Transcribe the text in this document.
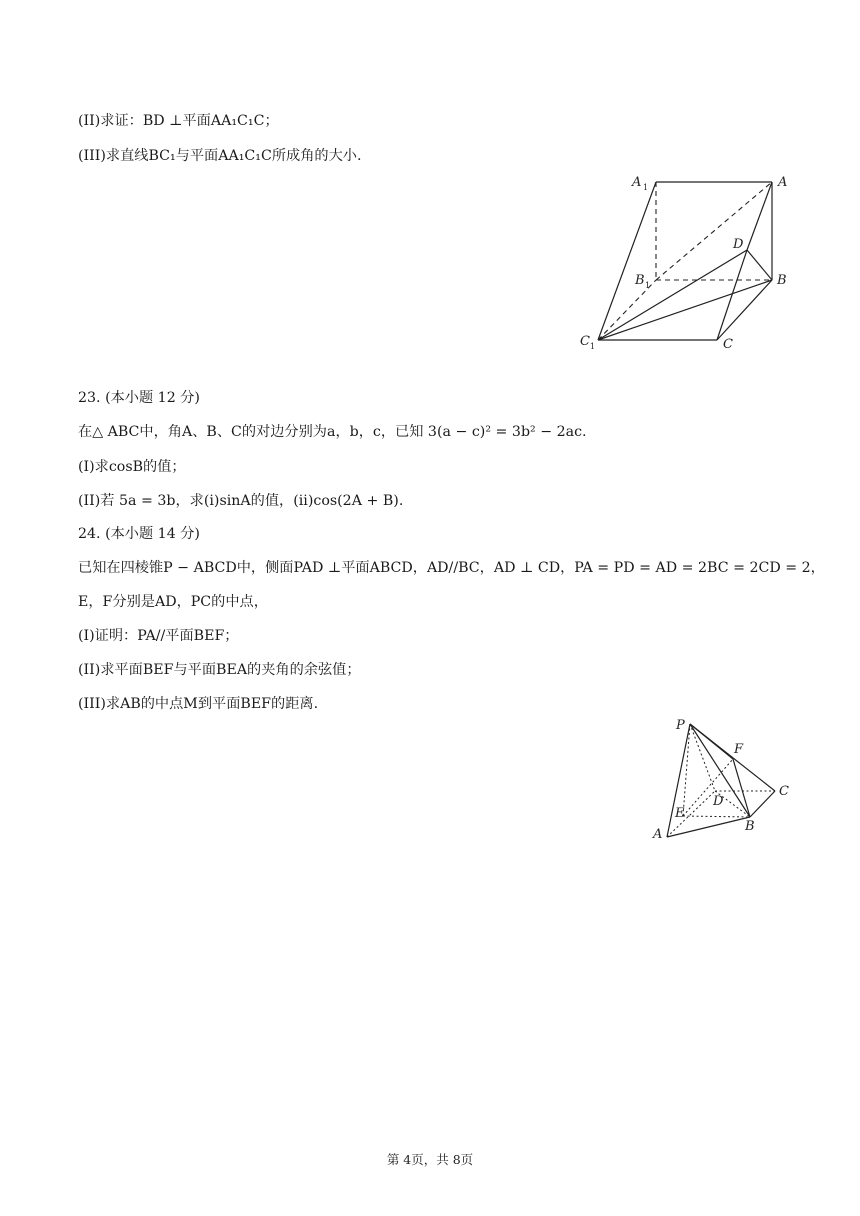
(II)求证：BD ⊥平面AA₁C₁C；
(III)求直线BC₁与平面AA₁C₁C所成角的大小.
A 1	A
D
B 1	B
C 1	C
23. (本小题 12 分)
在△ ABC中，角A、B、C的对边分别为a，b，c，已知 3(a − c)² = 3b² − 2ac.
(I)求cosB的值；
(II)若 5a = 3b，求(i)sinA的值，(ii)cos(2A + B).
24. (本小题 14 分)
已知在四棱锥P − ABCD中，侧面PAD ⊥平面ABCD，AD//BC，AD ⊥ CD，PA = PD = AD = 2BC = 2CD = 2，
E，F分别是AD，PC的中点，
(I)证明：PA//平面BEF；
(II)求平面BEF与平面BEA的夹角的余弦值；
(III)求AB的中点M到平面BEF的距离.
P
F
C
D
E
B
A
第 4页，共 8页
